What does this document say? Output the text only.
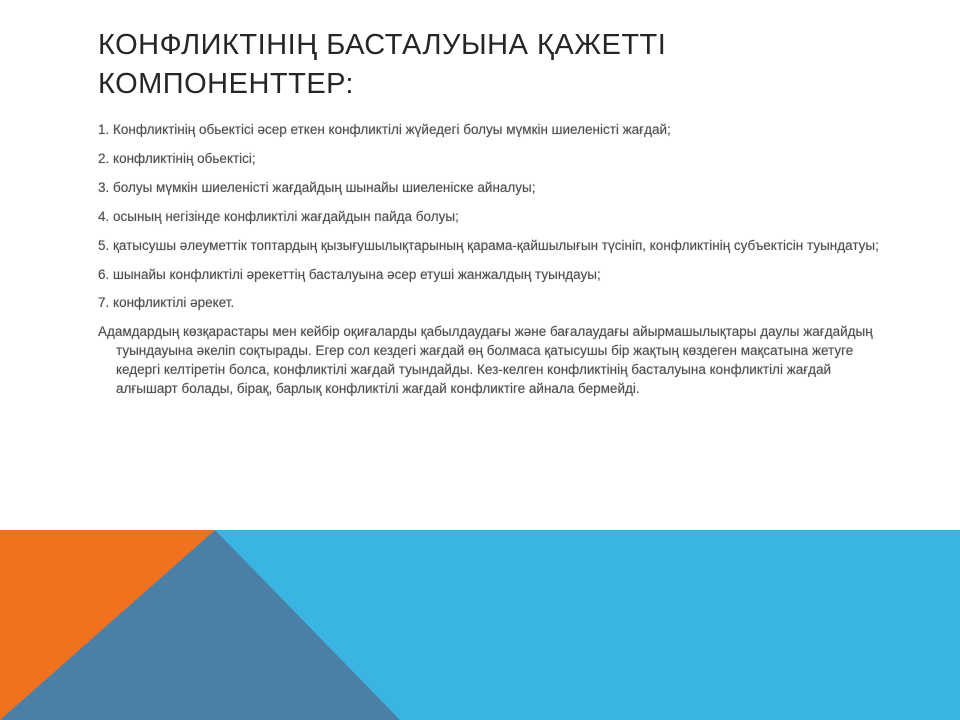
КОНФЛИКТІНІҢ БАСТАЛУЫНА ҚАЖЕТТІ
КОМПОНЕНТТЕР:
1. Конфликтінің обьектісі әсер еткен конфликтілі жүйедегі болуы мүмкін шиеленісті жағдай;
2. конфликтінің обьектісі;
3. болуы мүмкін шиеленісті жағдайдың шынайы шиеленіске айналуы;
4. осының негізінде конфликтілі жағдайдын пайда болуы;
5. қатысушы әлеуметтік топтардың қызығушылықтарының қарама-қайшылығын түсініп, конфликтінің субъектісін туындатуы;
6. шынайы конфликтілі әрекеттің басталуына әсер етуші жанжалдың туындауы;
7. конфликтілі әрекет.
Адамдардың көзқарастары мен кейбір оқиғаларды қабылдаудағы және бағалаудағы айырмашылықтары даулы жағдайдың туындауына әкеліп соқтырады. Егер сол кездегі жағдай өң болмаса қатысушы бір жақтың көздеген мақсатына жетуге кедергі келтіретін болса, конфликтілі жағдай туындайды. Кез-келген конфликтінің басталуына конфликтілі жағдай алғышарт болады, бірақ, барлық конфликтілі жағдай конфликтіге айнала бермейді.
